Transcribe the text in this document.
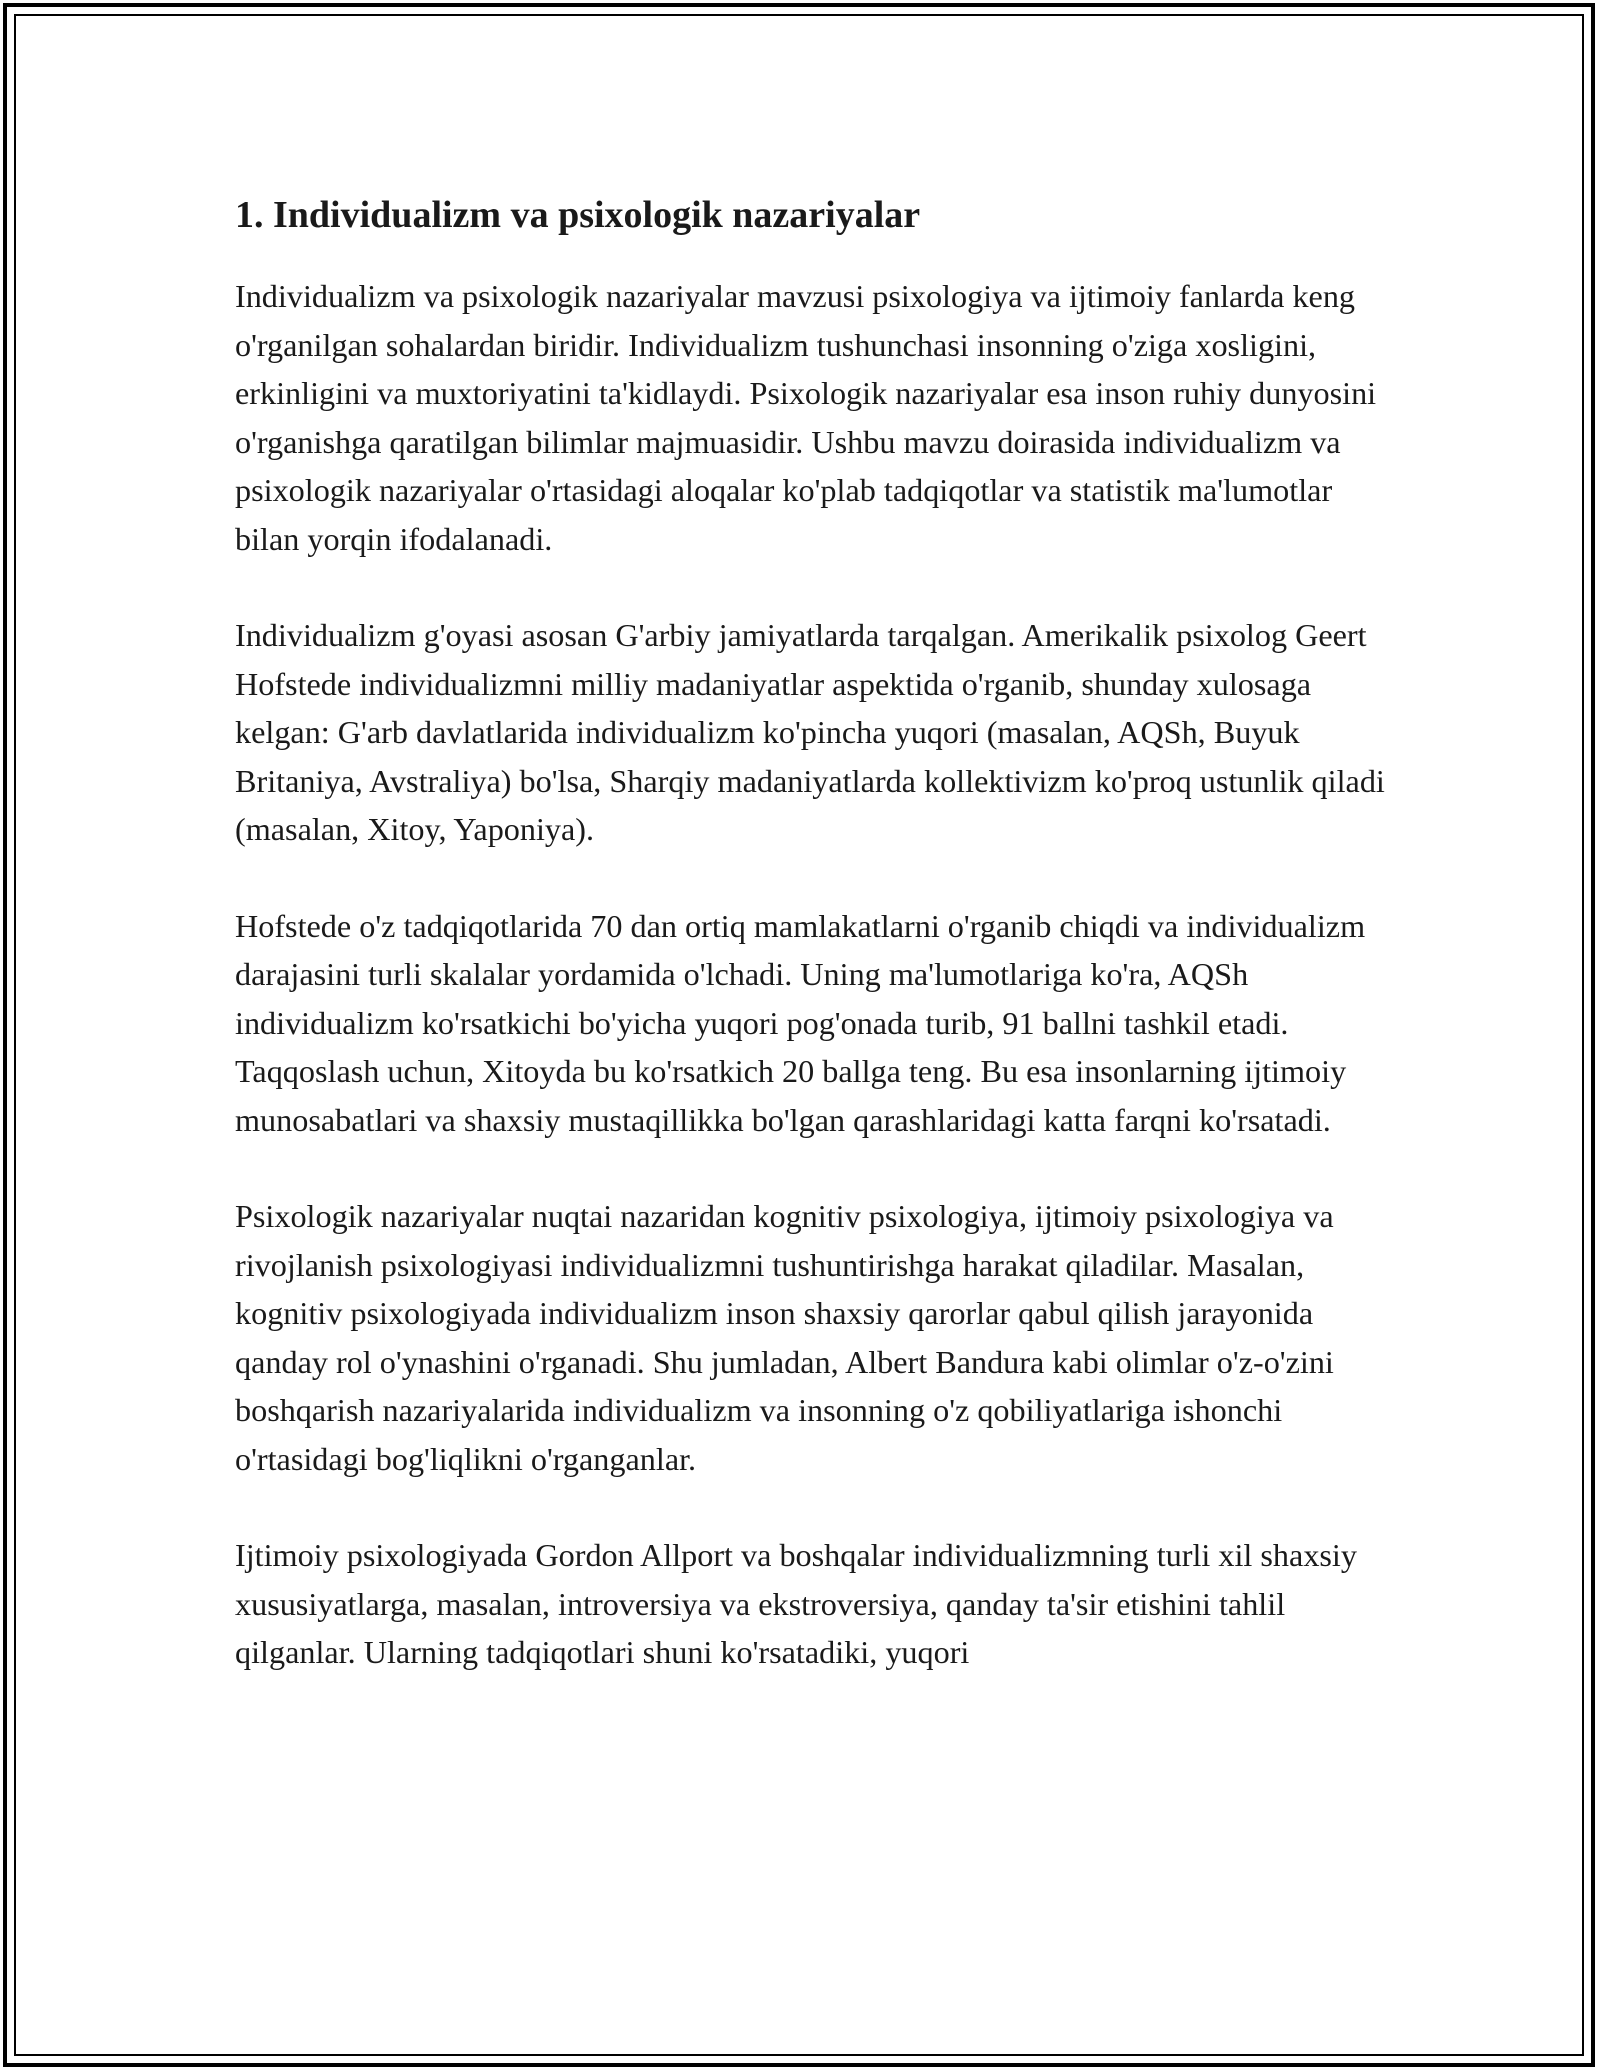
1. Individualizm va psixologik nazariyalar

Individualizm va psixologik nazariyalar mavzusi psixologiya va ijtimoiy fanlarda keng o'rganilgan sohalardan biridir. Individualizm tushunchasi insonning o'ziga xosligini, erkinligini va muxtoriyatini ta'kidlaydi. Psixologik nazariyalar esa inson ruhiy dunyosini o'rganishga qaratilgan bilimlar majmuasidir. Ushbu mavzu doirasida individualizm va psixologik nazariyalar o'rtasidagi aloqalar ko'plab tadqiqotlar va statistik ma'lumotlar bilan yorqin ifodalanadi.

Individualizm g'oyasi asosan G'arbiy jamiyatlarda tarqalgan. Amerikalik psixolog Geert Hofstede individualizmni milliy madaniyatlar aspektida o'rganib, shunday xulosaga kelgan: G'arb davlatlarida individualizm ko'pincha yuqori (masalan, AQSh, Buyuk Britaniya, Avstraliya) bo'lsa, Sharqiy madaniyatlarda kollektivizm ko'proq ustunlik qiladi (masalan, Xitoy, Yaponiya).

Hofstede o'z tadqiqotlarida 70 dan ortiq mamlakatlarni o'rganib chiqdi va individualizm darajasini turli skalalar yordamida o'lchadi. Uning ma'lumotlariga ko'ra, AQSh individualizm ko'rsatkichi bo'yicha yuqori pog'onada turib, 91 ballni tashkil etadi. Taqqoslash uchun, Xitoyda bu ko'rsatkich 20 ballga teng. Bu esa insonlarning ijtimoiy munosabatlari va shaxsiy mustaqillikka bo'lgan qarashlaridagi katta farqni ko'rsatadi.

Psixologik nazariyalar nuqtai nazaridan kognitiv psixologiya, ijtimoiy psixologiya va rivojlanish psixologiyasi individualizmni tushuntirishga harakat qiladilar. Masalan, kognitiv psixologiyada individualizm inson shaxsiy qarorlar qabul qilish jarayonida qanday rol o'ynashini o'rganadi. Shu jumladan, Albert Bandura kabi olimlar o'z-o'zini boshqarish nazariyalarida individualizm va insonning o'z qobiliyatlariga ishonchi o'rtasidagi bog'liqlikni o'rganganlar.

Ijtimoiy psixologiyada Gordon Allport va boshqalar individualizmning turli xil shaxsiy xususiyatlarga, masalan, introversiya va ekstroversiya, qanday ta'sir etishini tahlil qilganlar. Ularning tadqiqotlari shuni ko'rsatadiki, yuqori
